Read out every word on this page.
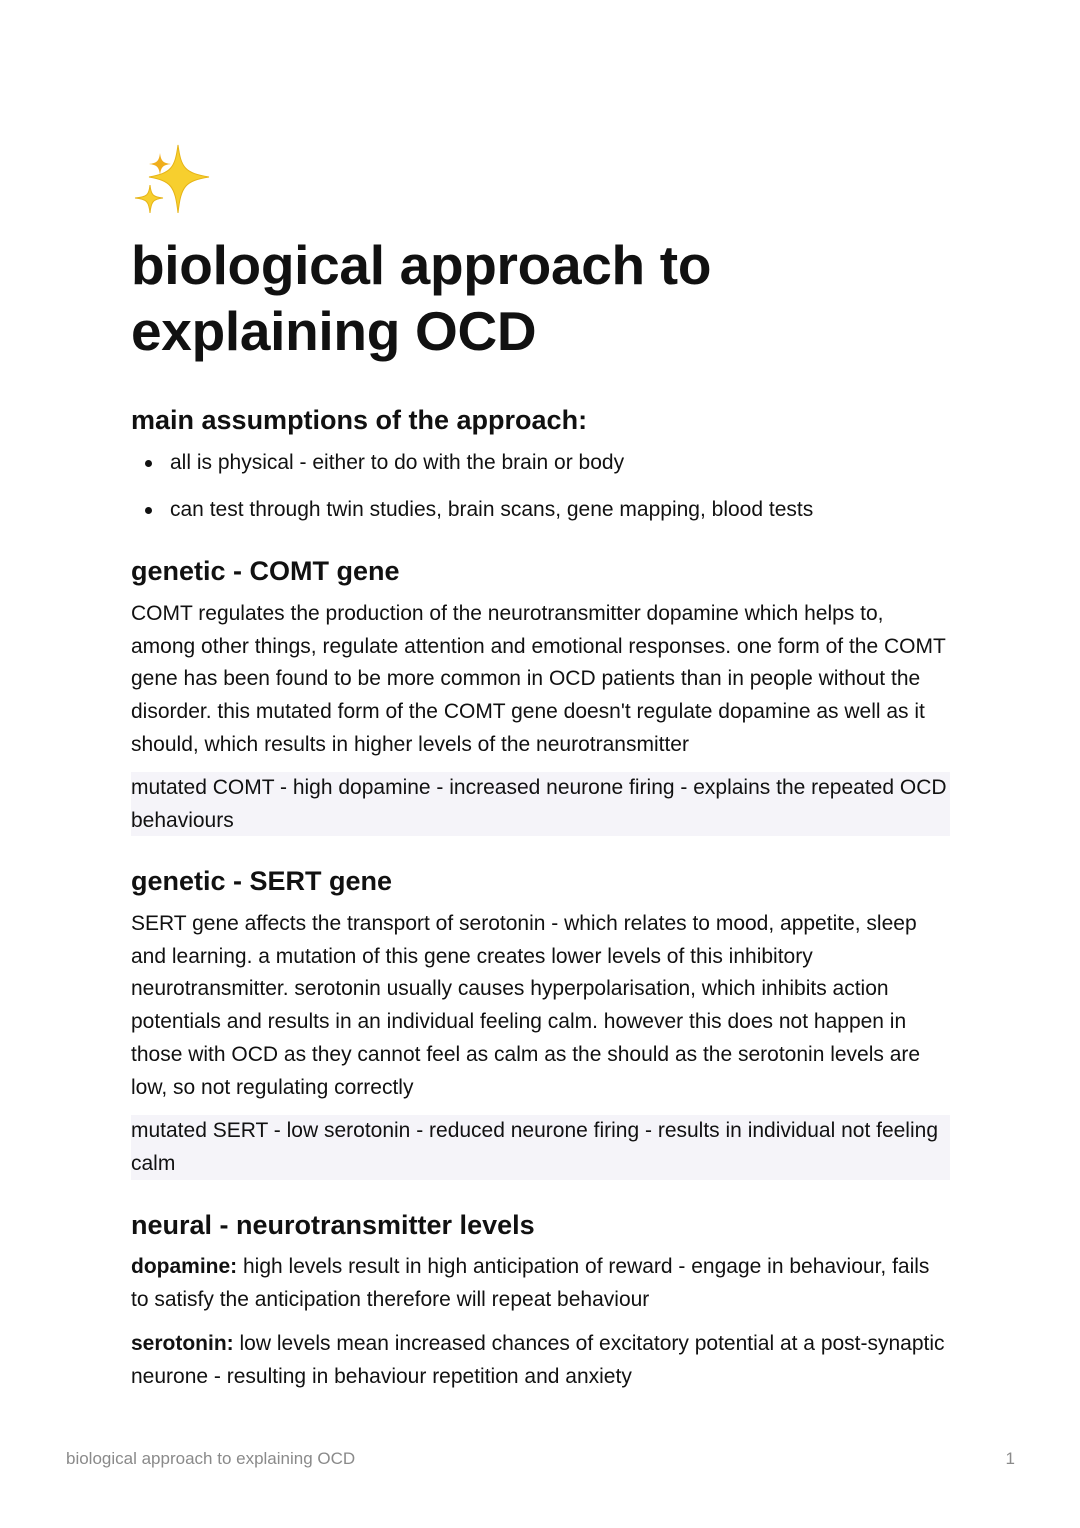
biological approach to explaining OCD
main assumptions of the approach:
all is physical - either to do with the brain or body
can test through twin studies, brain scans, gene mapping, blood tests
genetic - COMT gene

COMT regulates the production of the neurotransmitter dopamine which helps to, among other things, regulate attention and emotional responses. one form of the COMT gene has been found to be more common in OCD patients than in people without the disorder. this mutated form of the COMT gene doesn't regulate dopamine as well as it should, which results in higher levels of the neurotransmitter

mutated COMT - high dopamine - increased neurone firing - explains the repeated OCD behaviours
genetic - SERT gene

SERT gene affects the transport of serotonin - which relates to mood, appetite, sleep and learning. a mutation of this gene creates lower levels of this inhibitory neurotransmitter. serotonin usually causes hyperpolarisation, which inhibits action potentials and results in an individual feeling calm. however this does not happen in those with OCD as they cannot feel as calm as the should as the serotonin levels are low, so not regulating correctly

mutated SERT - low serotonin - reduced neurone firing - results in individual not feeling calm
neural - neurotransmitter levels

dopamine: high levels result in high anticipation of reward - engage in behaviour, fails to satisfy the anticipation therefore will repeat behaviour

serotonin: low levels mean increased chances of excitatory potential at a post-synaptic neurone - resulting in behaviour repetition and anxiety

biological approach to explaining OCD	1
